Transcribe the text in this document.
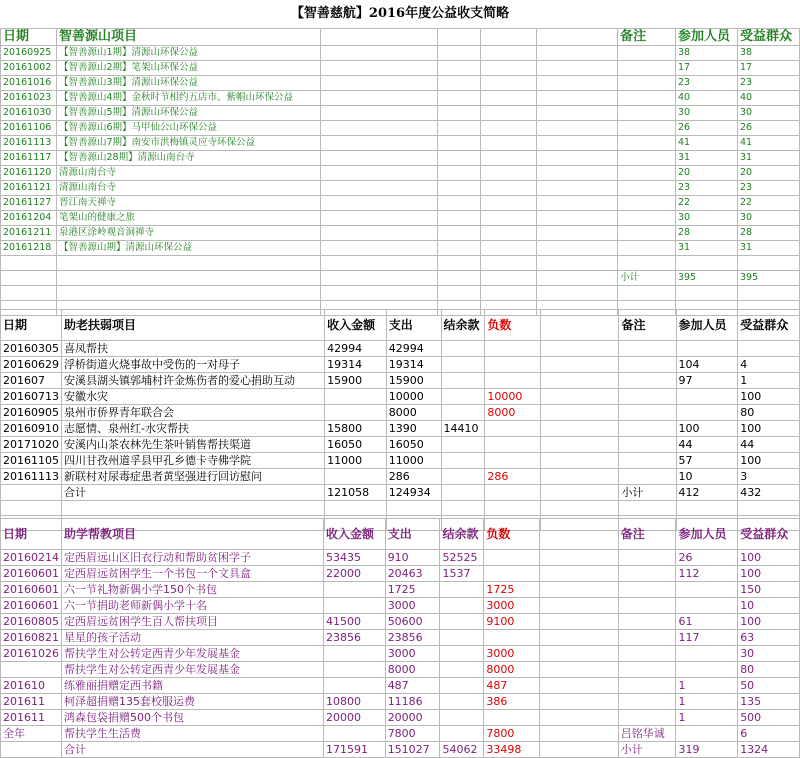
【智善慈航】2016年度公益收支简略
日期	智善源山项目					备注	参加人员	受益群众
20160925	【智善源山1期】清源山环保公益						38	38
20161002	【智善源山2期】笔架山环保公益						17	17
20161016	【智善源山3期】清源山环保公益						23	23
20161023	【智善源山4期】金秋时节相约五店市、紫帽山环保公益						40	40
20161030	【智善源山5期】清源山环保公益						30	30
20161106	【智善源山6期】马甲仙公山环保公益						26	26
20161113	【智善源山7期】南安市洪梅镇灵应寺环保公益						41	41
20161117	【智善源山28期】清源山南台寺						31	31
20161120	清源山南台寺						20	20
20161121	清源山南台寺						23	23
20161127	晋江南天禅寺						22	22
20161204	笔架山的健康之旅						30	30
20161211	泉港区涂岭观音洞禅寺						28	28
20161218	【智善源山期】清源山环保公益						31	31

						小计	395	395

日期	助老扶弱项目	收入金额	支出	结余款	负数		备注	参加人员	受益群众
20160305	喜凤帮扶	42994	42994						
20160629	浮桥街道火烧事故中受伤的一对母子	19314	19314					104	4
201607	安溪县湖头镇郭埔村许金炼伤者的爱心捐助互动	15900	15900					97	1
20160713	安徽水灾		10000		10000				100
20160905	泉州市侨界青年联合会		8000		8000				80
20160910	志愿情、泉州红-水灾帮扶	15800	1390	14410				100	100
20171020	安溪内山茶农林先生茶叶销售帮扶渠道	16050	16050					44	44
20161105	四川甘孜州道孚县甲孔乡德卡寺佛学院	11000	11000					57	100
20161113	新联村对尿毒症患者黄坚强进行回访慰问		286		286			10	3
	合计	121058	124934				小计	412	432

日期	助学帮教项目	收入金额	支出	结余款	负数		备注	参加人员	受益群众
20160214	定西眉远山区旧衣行动和帮助贫困学子	53435	910	52525				26	100
20160601	定西眉远贫困学生一个书包一个文具盒	22000	20463	1537				112	100
20160601	六一节礼物新偶小学150个书包		1725		1725				150
20160601	六一节捐助老师新偶小学十名		3000		3000				10
20160805	定西眉远贫困学生百人帮扶项目	41500	50600		9100			61	100
20160821	星星的孩子活动	23856	23856					117	63
20161026	帮扶学生对公转定西青少年发展基金		3000		3000				30
	帮扶学生对公转定西青少年发展基金		8000		8000				80
201610	练雅丽捐赠定西书籍		487		487			1	50
201611	柯泽超捐赠135套校服运费	10800	11186		386			1	135
201611	鸿森包袋捐赠500个书包	20000	20000					1	500
全年	帮扶学生生活费		7800		7800		吕铭华诚		6
	合计	171591	151027	54062	33498		小计	319	1324
